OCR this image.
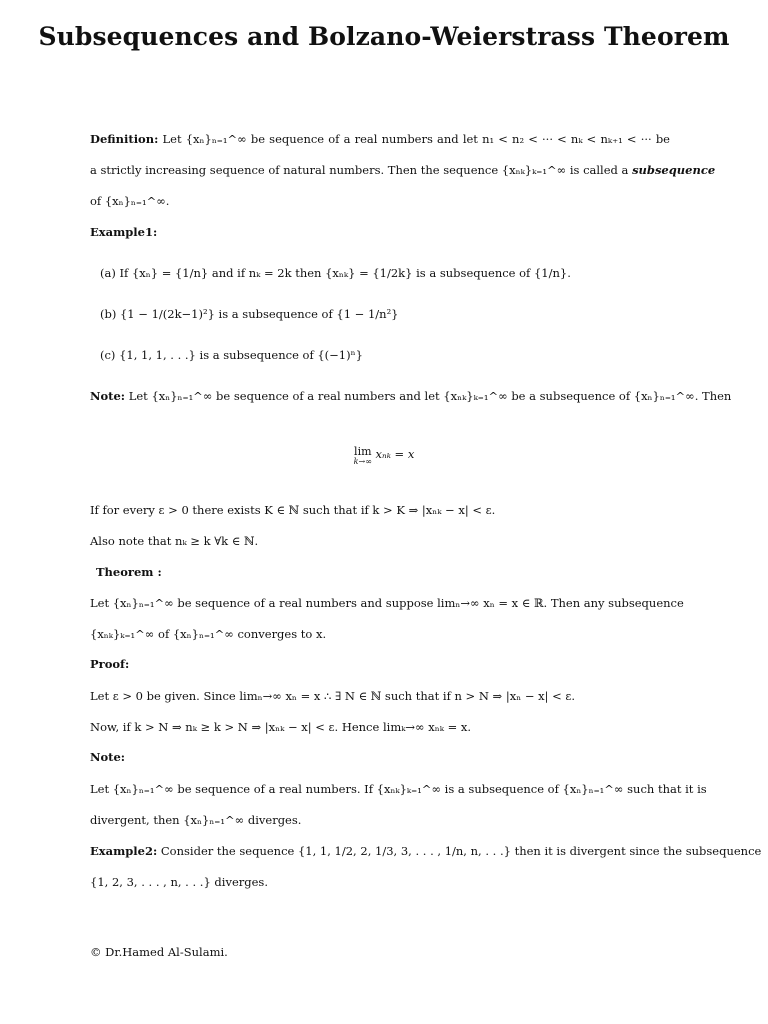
Subsequences and Bolzano-Weierstrass Theorem
Definition: Let {xₙ}ₙ₌₁^∞ be sequence of a real numbers and let n₁ < n₂ < ··· < nₖ < nₖ₊₁ < ··· be
a strictly increasing sequence of natural numbers. Then the sequence {xₙₖ}ₖ₌₁^∞ is called a subsequence
of {xₙ}ₙ₌₁^∞.
Example1:
(a) If {xₙ} = {1/n} and if nₖ = 2k then {xₙₖ} = {1/2k} is a subsequence of {1/n}.
(b) {1 − 1/(2k−1)²} is a subsequence of {1 − 1/n²}
(c) {1, 1, 1, . . .} is a subsequence of {(−1)ⁿ}
Note: Let {xₙ}ₙ₌₁^∞ be sequence of a real numbers and let {xₙₖ}ₖ₌₁^∞ be a subsequence of {xₙ}ₙ₌₁^∞. Then
lim
k→∞
xₙₖ = x
If for every ε > 0 there exists K ∈ ℕ such that if k > K ⇒ |xₙₖ − x| < ε.
Also note that nₖ ≥ k ∀k ∈ ℕ.
Theorem :
Let {xₙ}ₙ₌₁^∞ be sequence of a real numbers and suppose limₙ→∞ xₙ = x ∈ ℝ. Then any subsequence
{xₙₖ}ₖ₌₁^∞ of {xₙ}ₙ₌₁^∞ converges to x.
Proof:
Let ε > 0 be given. Since limₙ→∞ xₙ = x ∴ ∃ N ∈ ℕ such that if n > N ⇒ |xₙ − x| < ε.
Now, if k > N ⇒ nₖ ≥ k > N ⇒ |xₙₖ − x| < ε. Hence limₖ→∞ xₙₖ = x.
Note:
Let {xₙ}ₙ₌₁^∞ be sequence of a real numbers. If {xₙₖ}ₖ₌₁^∞ is a subsequence of {xₙ}ₙ₌₁^∞ such that it is
divergent, then {xₙ}ₙ₌₁^∞ diverges.
Example2: Consider the sequence {1, 1, 1/2, 2, 1/3, 3, . . . , 1/n, n, . . .} then it is divergent since the subsequence
{1, 2, 3, . . . , n, . . .} diverges.
© Dr.Hamed Al-Sulami.
